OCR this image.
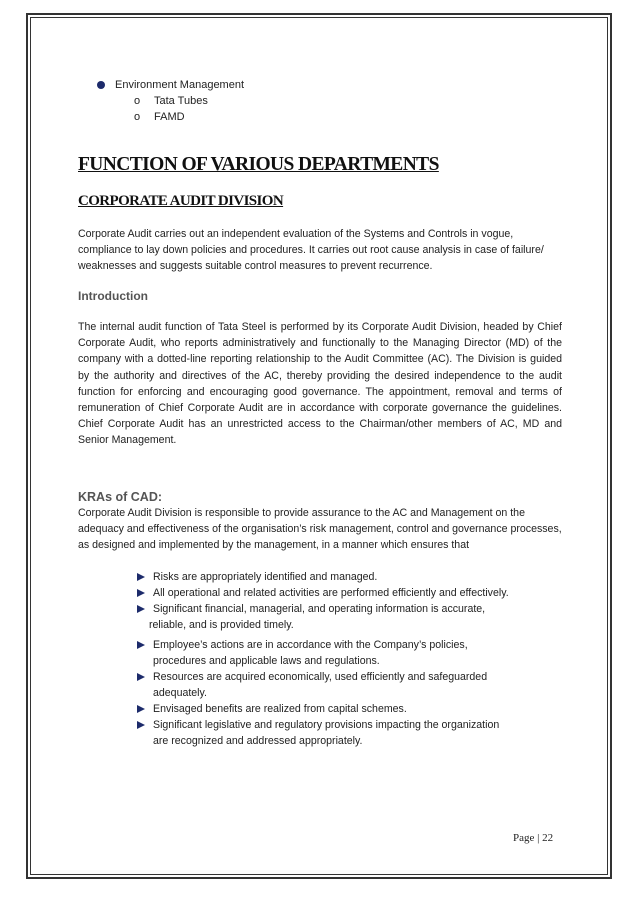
Environment Management
o Tata Tubes
o FAMD
FUNCTION OF VARIOUS DEPARTMENTS
CORPORATE AUDIT DIVISION
Corporate Audit carries out an independent evaluation of the Systems and Controls in vogue, compliance to lay down policies and procedures. It carries out root cause analysis in case of failure/ weaknesses and suggests suitable control measures to prevent recurrence.
Introduction
The internal audit function of Tata Steel is performed by its Corporate Audit Division, headed by Chief Corporate Audit, who reports administratively and functionally to the Managing Director (MD) of the company with a dotted-line reporting relationship to the Audit Committee (AC). The Division is guided by the authority and directives of the AC, thereby providing the desired independence to the audit function for enforcing and encouraging good governance. The appointment, removal and terms of remuneration of Chief Corporate Audit are in accordance with corporate governance the guidelines. Chief Corporate Audit has an unrestricted access to the Chairman/other members of AC, MD and Senior Management.
KRAs of CAD:
Corporate Audit Division is responsible to provide assurance to the AC and Management on the adequacy and effectiveness of the organisation’s risk management, control and governance processes, as designed and implemented by the management, in a manner which ensures that
Risks are appropriately identified and managed.
All operational and related activities are performed efficiently and effectively.
Significant financial, managerial, and operating information is accurate,
reliable, and is provided timely.
Employee’s actions are in accordance with the Company’s policies,
procedures and applicable laws and regulations.
Resources are acquired economically, used efficiently and safeguarded
adequately.
Envisaged benefits are realized from capital schemes.
Significant legislative and regulatory provisions impacting the organization
are recognized and addressed appropriately.
Page | 22
